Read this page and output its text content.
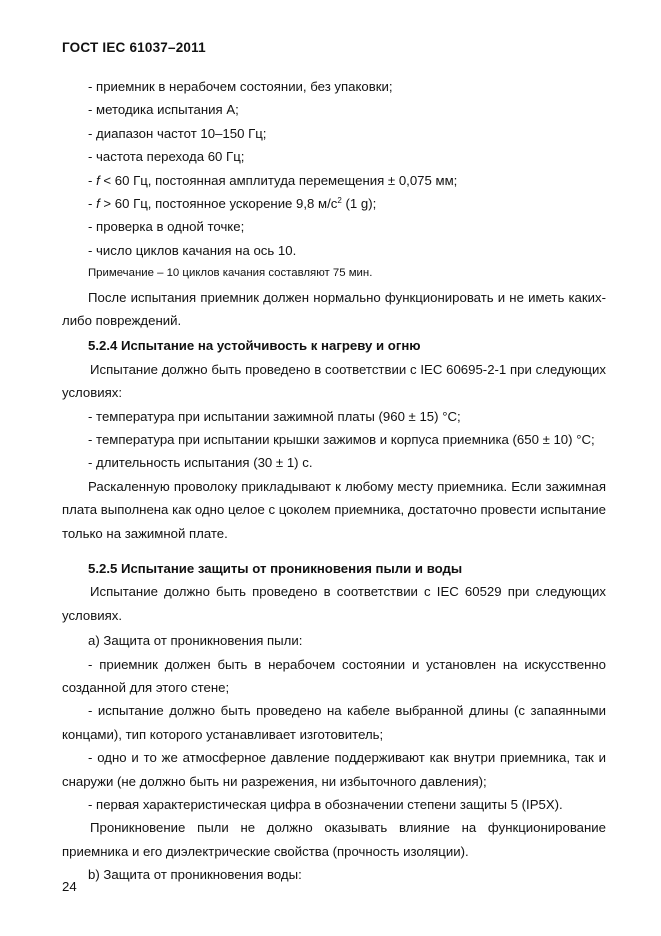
ГОСТ IEC 61037–2011
- приемник в нерабочем состоянии, без упаковки;
- методика испытания А;
- диапазон частот 10–150 Гц;
- частота перехода 60 Гц;
- f < 60 Гц, постоянная амплитуда перемещения ± 0,075 мм;
- f > 60 Гц, постоянное ускорение 9,8 $м/с^2$ (1 g);
- проверка в одной точке;
- число циклов качания на ось 10.
Примечание – 10 циклов качания составляют 75 мин.
После испытания приемник должен нормально функционировать и не иметь каких-либо повреждений.
5.2.4 Испытание на устойчивость к нагреву и огню
Испытание должно быть проведено в соответствии с IEC 60695-2-1 при следующих условиях:
- температура при испытании зажимной платы (960 ± 15) °С;
- температура при испытании крышки зажимов и корпуса приемника (650 ± 10) °С;
- длительность испытания (30 ± 1) с.
Раскаленную проволоку прикладывают к любому месту приемника. Если зажимная плата выполнена как одно целое с цоколем приемника, достаточно провести испытание только на зажимной плате.
5.2.5 Испытание защиты от проникновения пыли и воды
Испытание должно быть проведено в соответствии с IEC 60529 при следующих условиях.
a) Защита от проникновения пыли:
- приемник должен быть в нерабочем состоянии и установлен на искусственно созданной для этого стене;
- испытание должно быть проведено на кабеле выбранной длины (с запаянными концами), тип которого устанавливает изготовитель;
- одно и то же атмосферное давление поддерживают как внутри приемника, так и снаружи (не должно быть ни разрежения, ни избыточного давления);
- первая характеристическая цифра в обозначении степени защиты 5 (IP5X).
Проникновение пыли не должно оказывать влияние на функционирование приемника и его диэлектрические свойства (прочность изоляции).
b) Защита от проникновения воды:
24
